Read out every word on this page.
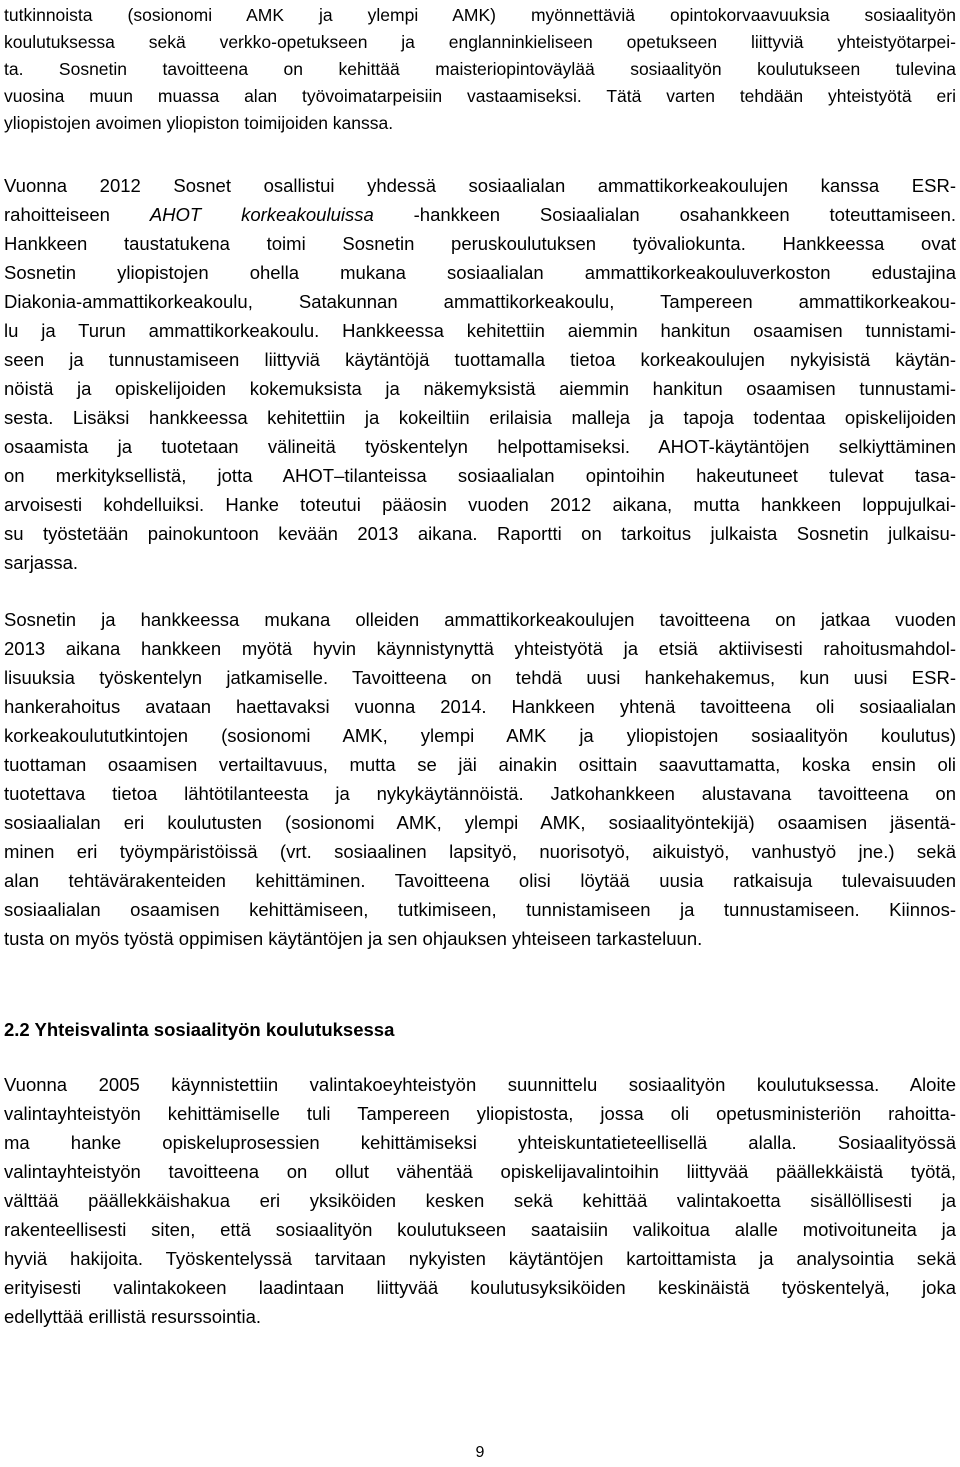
tutkinnoista (sosionomi AMK ja ylempi AMK) myönnettäviä opintokorvaavuuksia sosiaalityön
koulutuksessa sekä verkko-opetukseen ja englanninkieliseen opetukseen liittyviä yhteistyötarpei-
ta. Sosnetin tavoitteena on kehittää maisteriopintoväylää sosiaalityön koulutukseen tulevina
vuosina muun muassa alan työvoimatarpeisiin vastaamiseksi. Tätä varten tehdään yhteistyötä eri
yliopistojen avoimen yliopiston toimijoiden kanssa.
Vuonna 2012 Sosnet osallistui yhdessä sosiaalialan ammattikorkeakoulujen kanssa ESR-
rahoitteiseen AHOT korkeakouluissa -hankkeen Sosiaalialan osahankkeen toteuttamiseen.
Hankkeen taustatukena toimi Sosnetin peruskoulutuksen työvaliokunta. Hankkeessa ovat
Sosnetin yliopistojen ohella mukana sosiaalialan ammattikorkeakouluverkoston edustajina
Diakonia-ammattikorkeakoulu, Satakunnan ammattikorkeakoulu, Tampereen ammattikorkeakou-
lu ja Turun ammattikorkeakoulu. Hankkeessa kehitettiin aiemmin hankitun osaamisen tunnistami-
seen ja tunnustamiseen liittyviä käytäntöjä tuottamalla tietoa korkeakoulujen nykyisistä käytän-
nöistä ja opiskelijoiden kokemuksista ja näkemyksistä aiemmin hankitun osaamisen tunnustami-
sesta. Lisäksi hankkeessa kehitettiin ja kokeiltiin erilaisia malleja ja tapoja todentaa opiskelijoiden
osaamista ja tuotetaan välineitä työskentelyn helpottamiseksi. AHOT-käytäntöjen selkiyttäminen
on merkityksellistä, jotta AHOT–tilanteissa sosiaalialan opintoihin hakeutuneet tulevat tasa-
arvoisesti kohdelluiksi. Hanke toteutui pääosin vuoden 2012 aikana, mutta hankkeen loppujulkai-
su työstetään painokuntoon kevään 2013 aikana. Raportti on tarkoitus julkaista Sosnetin julkaisu-
sarjassa.
Sosnetin ja hankkeessa mukana olleiden ammattikorkeakoulujen tavoitteena on jatkaa vuoden
2013 aikana hankkeen myötä hyvin käynnistynyttä yhteistyötä ja etsiä aktiivisesti rahoitusmahdol-
lisuuksia työskentelyn jatkamiselle. Tavoitteena on tehdä uusi hankehakemus, kun uusi ESR-
hankerahoitus avataan haettavaksi vuonna 2014. Hankkeen yhtenä tavoitteena oli sosiaalialan
korkeakoulututkintojen (sosionomi AMK, ylempi AMK ja yliopistojen sosiaalityön koulutus)
tuottaman osaamisen vertailtavuus, mutta se jäi ainakin osittain saavuttamatta, koska ensin oli
tuotettava tietoa lähtötilanteesta ja nykykäytännöistä. Jatkohankkeen alustavana tavoitteena on
sosiaalialan eri koulutusten (sosionomi AMK, ylempi AMK, sosiaalityöntekijä) osaamisen jäsentä-
minen eri työympäristöissä (vrt. sosiaalinen lapsityö, nuorisotyö, aikuistyö, vanhustyö jne.) sekä
alan tehtävärakenteiden kehittäminen. Tavoitteena olisi löytää uusia ratkaisuja tulevaisuuden
sosiaalialan osaamisen kehittämiseen, tutkimiseen, tunnistamiseen ja tunnustamiseen. Kiinnos-
tusta on myös työstä oppimisen käytäntöjen ja sen ohjauksen yhteiseen tarkasteluun.
2.2 Yhteisvalinta sosiaalityön koulutuksessa
Vuonna 2005 käynnistettiin valintakoeyhteistyön suunnittelu sosiaalityön koulutuksessa. Aloite
valintayhteistyön kehittämiselle tuli Tampereen yliopistosta, jossa oli opetusministeriön rahoitta-
ma hanke opiskeluprosessien kehittämiseksi yhteiskuntatieteellisellä alalla. Sosiaalityössä
valintayhteistyön tavoitteena on ollut vähentää opiskelijavalintoihin liittyvää päällekkäistä työtä,
välttää päällekkäishakua eri yksiköiden kesken sekä kehittää valintakoetta sisällöllisesti ja
rakenteellisesti siten, että sosiaalityön koulutukseen saataisiin valikoitua alalle motivoituneita ja
hyviä hakijoita. Työskentelyssä tarvitaan nykyisten käytäntöjen kartoittamista ja analysointia sekä
erityisesti valintakokeen laadintaan liittyvää koulutusyksiköiden keskinäistä työskentelyä, joka
edellyttää erillistä resurssointia.
9
